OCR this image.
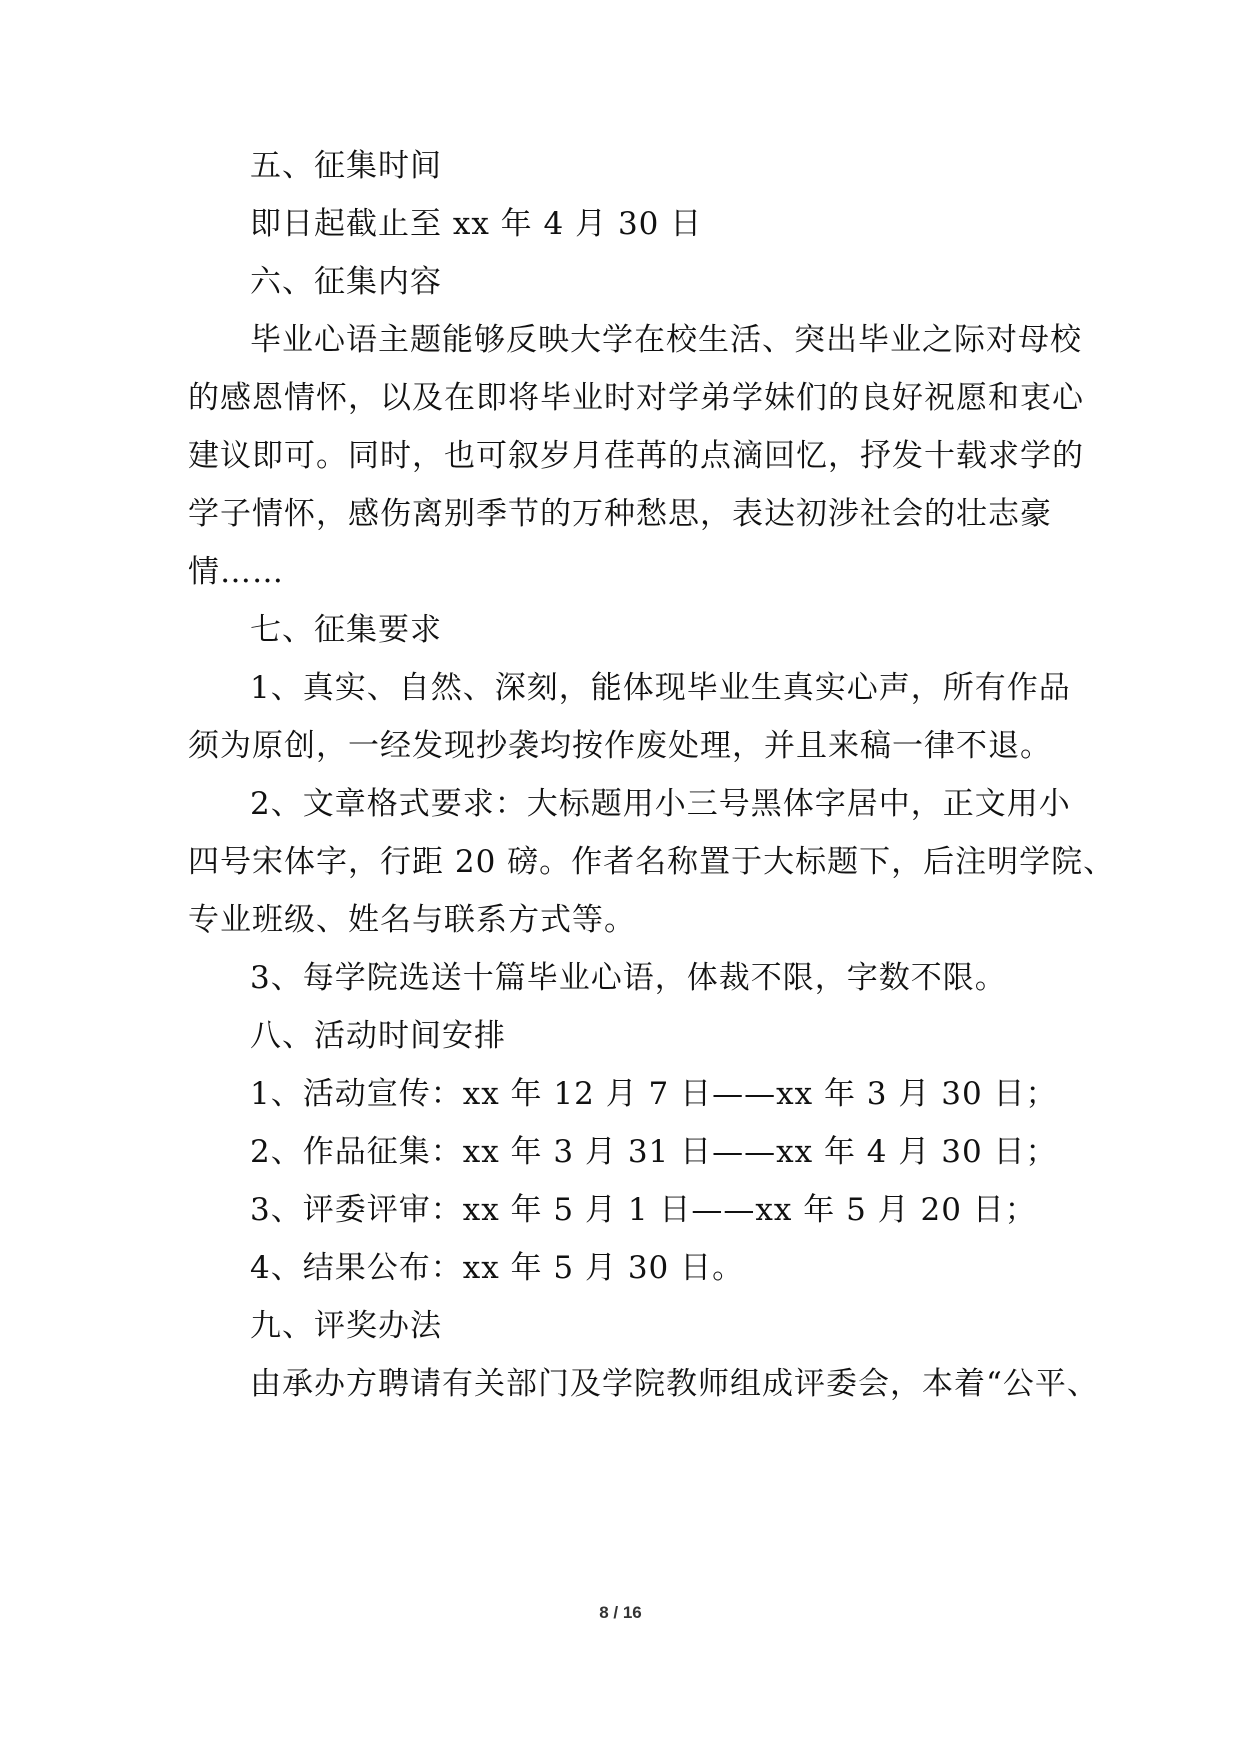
五、征集时间
即日起截止至 xx 年 4 月 30 日
六、征集内容
毕业心语主题能够反映大学在校生活、突出毕业之际对母校
的感恩情怀，以及在即将毕业时对学弟学妹们的良好祝愿和衷心
建议即可。同时，也可叙岁月荏苒的点滴回忆，抒发十载求学的
学子情怀，感伤离别季节的万种愁思，表达初涉社会的壮志豪
情……
七、征集要求
1、真实、自然、深刻，能体现毕业生真实心声，所有作品
须为原创，一经发现抄袭均按作废处理，并且来稿一律不退。
2、文章格式要求：大标题用小三号黑体字居中，正文用小
四号宋体字，行距 20 磅。作者名称置于大标题下，后注明学院、
专业班级、姓名与联系方式等。
3、每学院选送十篇毕业心语，体裁不限，字数不限。
八、活动时间安排
1、活动宣传：xx 年 12 月 7 日——xx 年 3 月 30 日；
2、作品征集：xx 年 3 月 31 日——xx 年 4 月 30 日；
3、评委评审：xx 年 5 月 1 日——xx 年 5 月 20 日；
4、结果公布：xx 年 5 月 30 日。
九、评奖办法
由承办方聘请有关部门及学院教师组成评委会，本着“公平、
8 / 16
